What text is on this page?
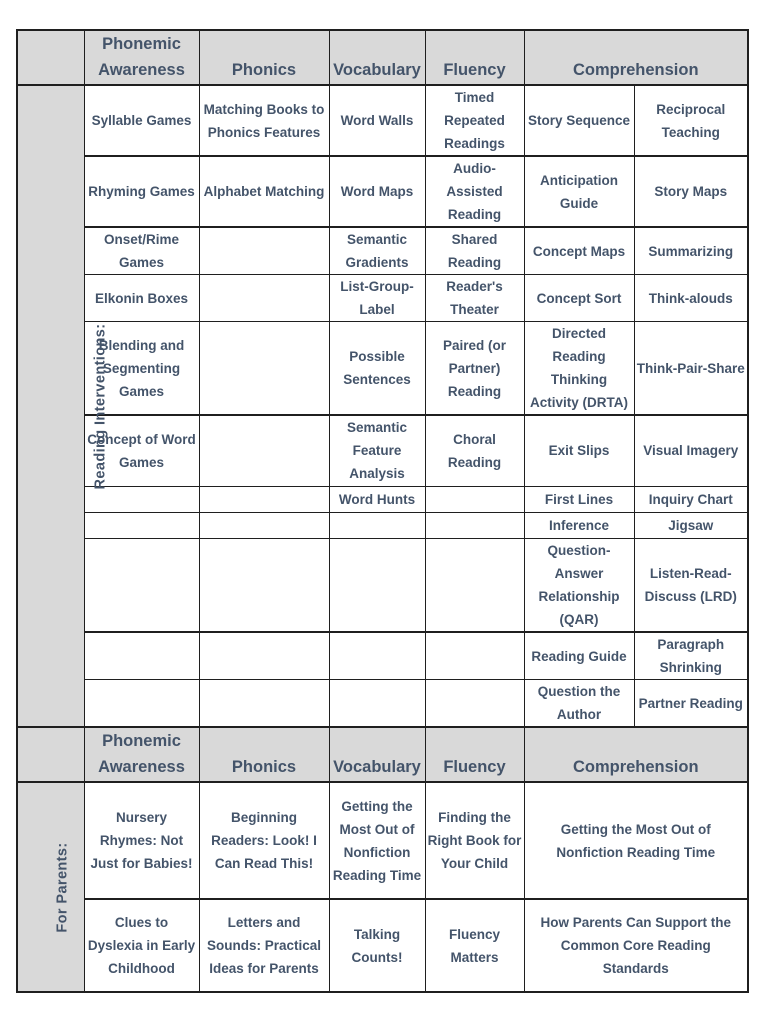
	Phonemic Awareness	Phonics	Vocabulary	Fluency	Comprehension	
Reading Interventions:	Syllable Games	Matching Books to Phonics Features	Word Walls	Timed Repeated Readings	Story Sequence	Reciprocal Teaching
	Rhyming Games	Alphabet Matching	Word Maps	Audio-Assisted Reading	Anticipation Guide	Story Maps
	Onset/Rime Games		Semantic Gradients	Shared Reading	Concept Maps	Summarizing
	Elkonin Boxes		List-Group-Label	Reader's Theater	Concept Sort	Think-alouds
	Blending and Segmenting Games		Possible Sentences	Paired (or Partner) Reading	Directed Reading Thinking Activity (DRTA)	Think-Pair-Share
	Concept of Word Games		Semantic Feature Analysis	Choral Reading	Exit Slips	Visual Imagery
			Word Hunts		First Lines	Inquiry Chart
					Inference	Jigsaw
					Question-Answer Relationship (QAR)	Listen-Read-Discuss (LRD)
					Reading Guide	Paragraph Shrinking
					Question the Author	Partner Reading
	Phonemic Awareness	Phonics	Vocabulary	Fluency	Comprehension	
For Parents:	Nursery Rhymes: Not Just for Babies!	Beginning Readers: Look! I Can Read This!	Getting the Most Out of Nonfiction Reading Time	Finding the Right Book for Your Child	Getting the Most Out of Nonfiction Reading Time	
	Clues to Dyslexia in Early Childhood	Letters and Sounds: Practical Ideas for Parents	Talking Counts!	Fluency Matters	How Parents Can Support the Common Core Reading Standards	
